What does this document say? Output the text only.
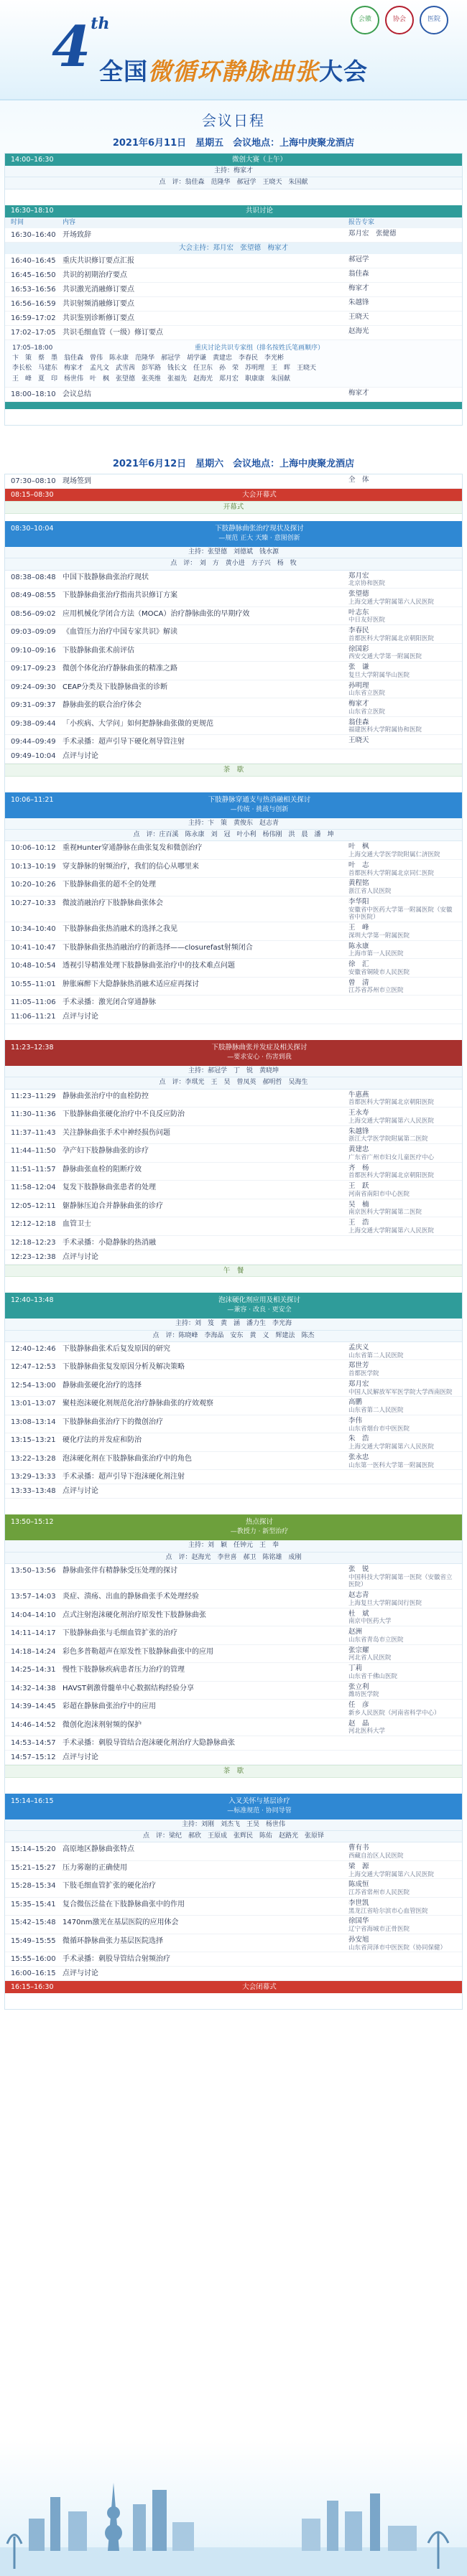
4th
全国微循环静脉曲张大会
会徽	协会	医院
会议日程
2021年6月11日　星期五　会议地点：上海中庚聚龙酒店
14:00–16:30	微创大赛（上午）
主持：梅家才
点　评：翁佳森　范隆华　郝冠学　王晓天　朱国献
16:30–18:10	共识讨论
时间	内容	报告专家
16:30–16:40 开场致辞	郑月宏　张健德
大会主持：郑月宏　张望德　梅家才
16:40–16:45 重庆共识修订要点汇报	郝冠学
16:45–16:50 共识的初期治疗要点	翁佳森
16:53–16:56 共识激光消融修订要点	梅家才
16:56–16:59 共识射频消融修订要点	朱越锋
16:59–17:02 共识鉴别诊断修订要点	王晓天
17:02–17:05 共识毛细血管（一级）修订要点	赵海光
17:05–18:00	重庆讨论共识专家组（排名按姓氏笔画顺序）
卞　策　蔡　墨　翁佳森　曾伟　陈永康　范隆华　郝冠学　胡学谦　黄建忠　李春民　李光彬
李长松　马建东　梅家才　孟凡文　武雪茜　彭军路　钱长文　任卫东　孙　荣　苏明理　王　晖　王晓天
王　峰　夏　印　杨世伟　叶　枫　张望德　张英维　张福先　赵海光　郑月宏　职康康　朱国献
18:00–18:10 会议总结	梅家才
2021年6月12日　星期六　会议地点：上海中庚聚龙酒店
07:30–08:10 现场签到	全　体
08:15–08:30	大会开幕式
开幕式
08:30–10:04	下肢静脉曲张治疗现状及探讨
—规范 正大 天臻 · 意图创新
主持：张望德　刘德斌　钱水源
点　评：　刘　方　黄小进　方子兴　杨　牧
08:38–08:48 中国下肢静脉曲张治疗现状	郑月宏
北京协和医院
08:49–08:55 下肢静脉曲张治疗指南共识修订方案	张望德
上海交通大学附属第六人民医院
08:56–09:02 应用机械化学闭合方法（MOCA）治疗静脉曲张的早期疗效	叶志东
中日友好医院
09:03–09:09 《血管压力治疗中国专家共识》解读	李春民
首都医科大学附属北京朝阳医院
09:10–09:16 下肢静脉曲张术前评估	徐国彩
西安交通大学第一附属医院
09:17–09:23 微创个体化治疗静脉曲张的精准之路	张　谦
复旦大学附属华山医院
09:24–09:30 CEAP分类及下肢静脉曲张的诊断	孙明理
山东省立医院
09:31–09:37 静脉曲张的联合治疗体会	梅家才
山东省立医院
09:38–09:44 「小疾病、大学问」如何把静脉曲张做的更规范	翁佳森
福建医科大学附属协和医院
09:44–09:49 手术录播：超声引导下硬化剂导管注射	王晓天
09:49–10:04 点评与讨论
茶　歇
10:06–11:21	下肢静脉穿通支与热消融相关探讨
—传统 · 挑战与创新
主持：卞　策　黄俊东　赵志青
点　评：庄百溪　陈永康　刘　冠　叶小利　杨伟刚　洪　晨　潘　坤
10:06–10:12 重视Hunter穿通静脉在曲张复发和微创治疗	叶　枫
上海交通大学医学院附属仁济医院
10:13–10:19 穿支静脉的射频治疗，我们的信心从哪里来	叶　志
首都医科大学附属北京同仁医院
10:20–10:26 下肢静脉曲张的超不全的处理	黄程铭
浙江省人民医院
10:27–10:33 微波消融治疗下肢静脉曲张体会	李华阳
安徽省中医药大学第一附属医院（安徽省中医院）
10:34–10:40 下肢静脉曲张热消融术的选择之我见	王　峰
深圳大学第一附属医院
10:41–10:47 下肢静脉曲张热消融治疗的新选择——closurefast射频闭合	陈永康
上海市第一人民医院
10:48–10:54 透视引导精准处理下肢静脉曲张治疗中的技术难点问题	徐　汇
安徽省铜陵市人民医院
10:55–11:01 肿胀麻醉下大隐静脉热消融术适应症再探讨	曾　清
江苏省苏州市立医院
11:05–11:06 手术录播：激光闭合穿通静脉
11:06–11:21 点评与讨论
11:23–12:38	下肢静脉曲张并发症及相关探讨
—要求安心 · 伤害到我
主持：郝冠学　丁　锐　黄晓坤
点　评：李琪光　王　昊　曾凤英　郝明哲　吴海生
11:23–11:29 静脉曲张治疗中的血栓防控	牛惠燕
首都医科大学附属北京朝阳医院
11:30–11:36 下肢静脉曲张硬化治疗中不良反应防治	王永寿
上海交通大学附属第六人民医院
11:37–11:43 关注静脉曲张手术中神经损伤问题	朱越锋
浙江大学医学院附属第二医院
11:44–11:50 孕产妇下肢静脉曲张的诊疗	黄建忠
广东省广州市妇女儿童医疗中心
11:51–11:57 静脉曲张血栓的阻断疗效	齐　杨
首都医科大学附属北京朝阳医院
11:58–12:04 复发下肢静脉曲张患者的处理	王　跃
河南省南阳市中心医院
12:05–12:11 躯静脉压迫合并静脉曲张的诊疗	吴　楠
南京医科大学附属第二医院
12:12–12:18 血管卫士	王　浩
上海交通大学附属第六人民医院
12:18–12:23 手术录播：小隐静脉的热消融
12:23–12:38 点评与讨论
午　餐
12:40–13:48	泡沫硬化剂应用及相关探讨
—兼容 · 改良 · 更安全
主持：刘　笈　黄　涵　潘力生　李光海
点　评：陈晓峰　李海晶　安东　黄　义　辉建法　陈杰
12:40–12:46 下肢静脉曲张术后复发原因的研究	孟庆义
山东省第二人民医院
12:47–12:53 下肢静脉曲张复发原因分析及解决策略	郑世芳
首都医学院
12:54–13:00 静脉曲张硬化治疗的选择	郑月宏
中国人民解放军军医学院大学西南医院
13:01–13:07 聚桂泡沫硬化剂规范化治疗静脉曲张的疗效观察	高鹏
山东省第二人民医院
13:08–13:14 下肢静脉曲张治疗下的微创治疗	李伟
山东省烟台市中医医院
13:15–13:21 硬化疗法的并发症和防治	朱　浩
上海交通大学附属第六人民医院
13:22–13:28 泡沫硬化剂在下肢静脉曲张治疗中的角色	张永忠
山东第一医科大学第一附属医院
13:29–13:33 手术录播：超声引导下泡沫硬化剂注射
13:33–13:48 点评与讨论
13:50–15:12	热点探讨
—教授力 · 新型治疗
主持：刘　颖　任钟元　王　奉
点　评：赵海光　李世喜　郝卫　陈铭雄　成刚
13:50–13:56 静脉曲张伴有精静脉受压处理的探讨	张　锐
中国科技大学附属第一医院（安徽省立医院）
13:57–14:03 炎症、溃疡、出血的静脉曲张手术处理经验	赵志青
上海复旦大学附属闵行医院
14:04–14:10 点式注射泡沫硬化剂治疗原发性下肢静脉曲张	杜　斌
南京中医药大学
14:11–14:17 下肢静脉曲张与毛细血管扩张的治疗	赵洲
山东省青岛市立医院
14:18–14:24 彩色多普勒超声在原发性下肢静脉曲张中的应用	张宗耀
河北省人民医院
14:25–14:31 慢性下肢静脉疾病患者压力治疗的管理	丁莉
山东省千佛山医院
14:32–14:38 HAVST刺激骨髓单中心数据结构经验分享	张立利
潍坊医学院
14:39–14:45 彩超在静脉曲张治疗中的应用	任　彦
新乡人民医院（河南省科学中心）
14:46–14:52 微创化泡沫剂射频的保护	赵　晶
河北医科大学
14:53–14:57 手术录播：刺股导管结合泡沫硬化剂治疗大隐静脉曲张
14:57–15:12 点评与讨论
茶　歇
15:14–16:15	入叉关怀与基层诊疗
—标准规范 · 协同导管
主持：刘刚　刘杰飞　王昊　杨世伟
点　评：梁纪　郝欣　王原成　张辉民　陈佑　赵路光　张原铎
15:14–15:20 高原地区静脉曲张特点	曹有书
西藏自治区人民医院
15:21–15:27 压力雾谢的正确使用	梁　源
上海交通大学附属第六人民医院
15:28–15:34 下肢毛细血管扩张的硬化治疗	陈成恒
江苏省常州市人民医院
15:35–15:41 复合微伍泛盐在下肢静脉曲张中的作用	李世凯
黑龙江省哈尔滨市心血管医院
15:42–15:48 1470nm激光在基层医院的应用体会	徐国华
辽宁省海城市正骨医院
15:49–15:55 微循环静脉曲张力基层医院选择	孙安旭
山东省菏泽市中医医院（协同保健）
15:55–16:00 手术录播：刺股导管结合射频治疗
16:00–16:15 点评与讨论
16:15–16:30	大会闭幕式
